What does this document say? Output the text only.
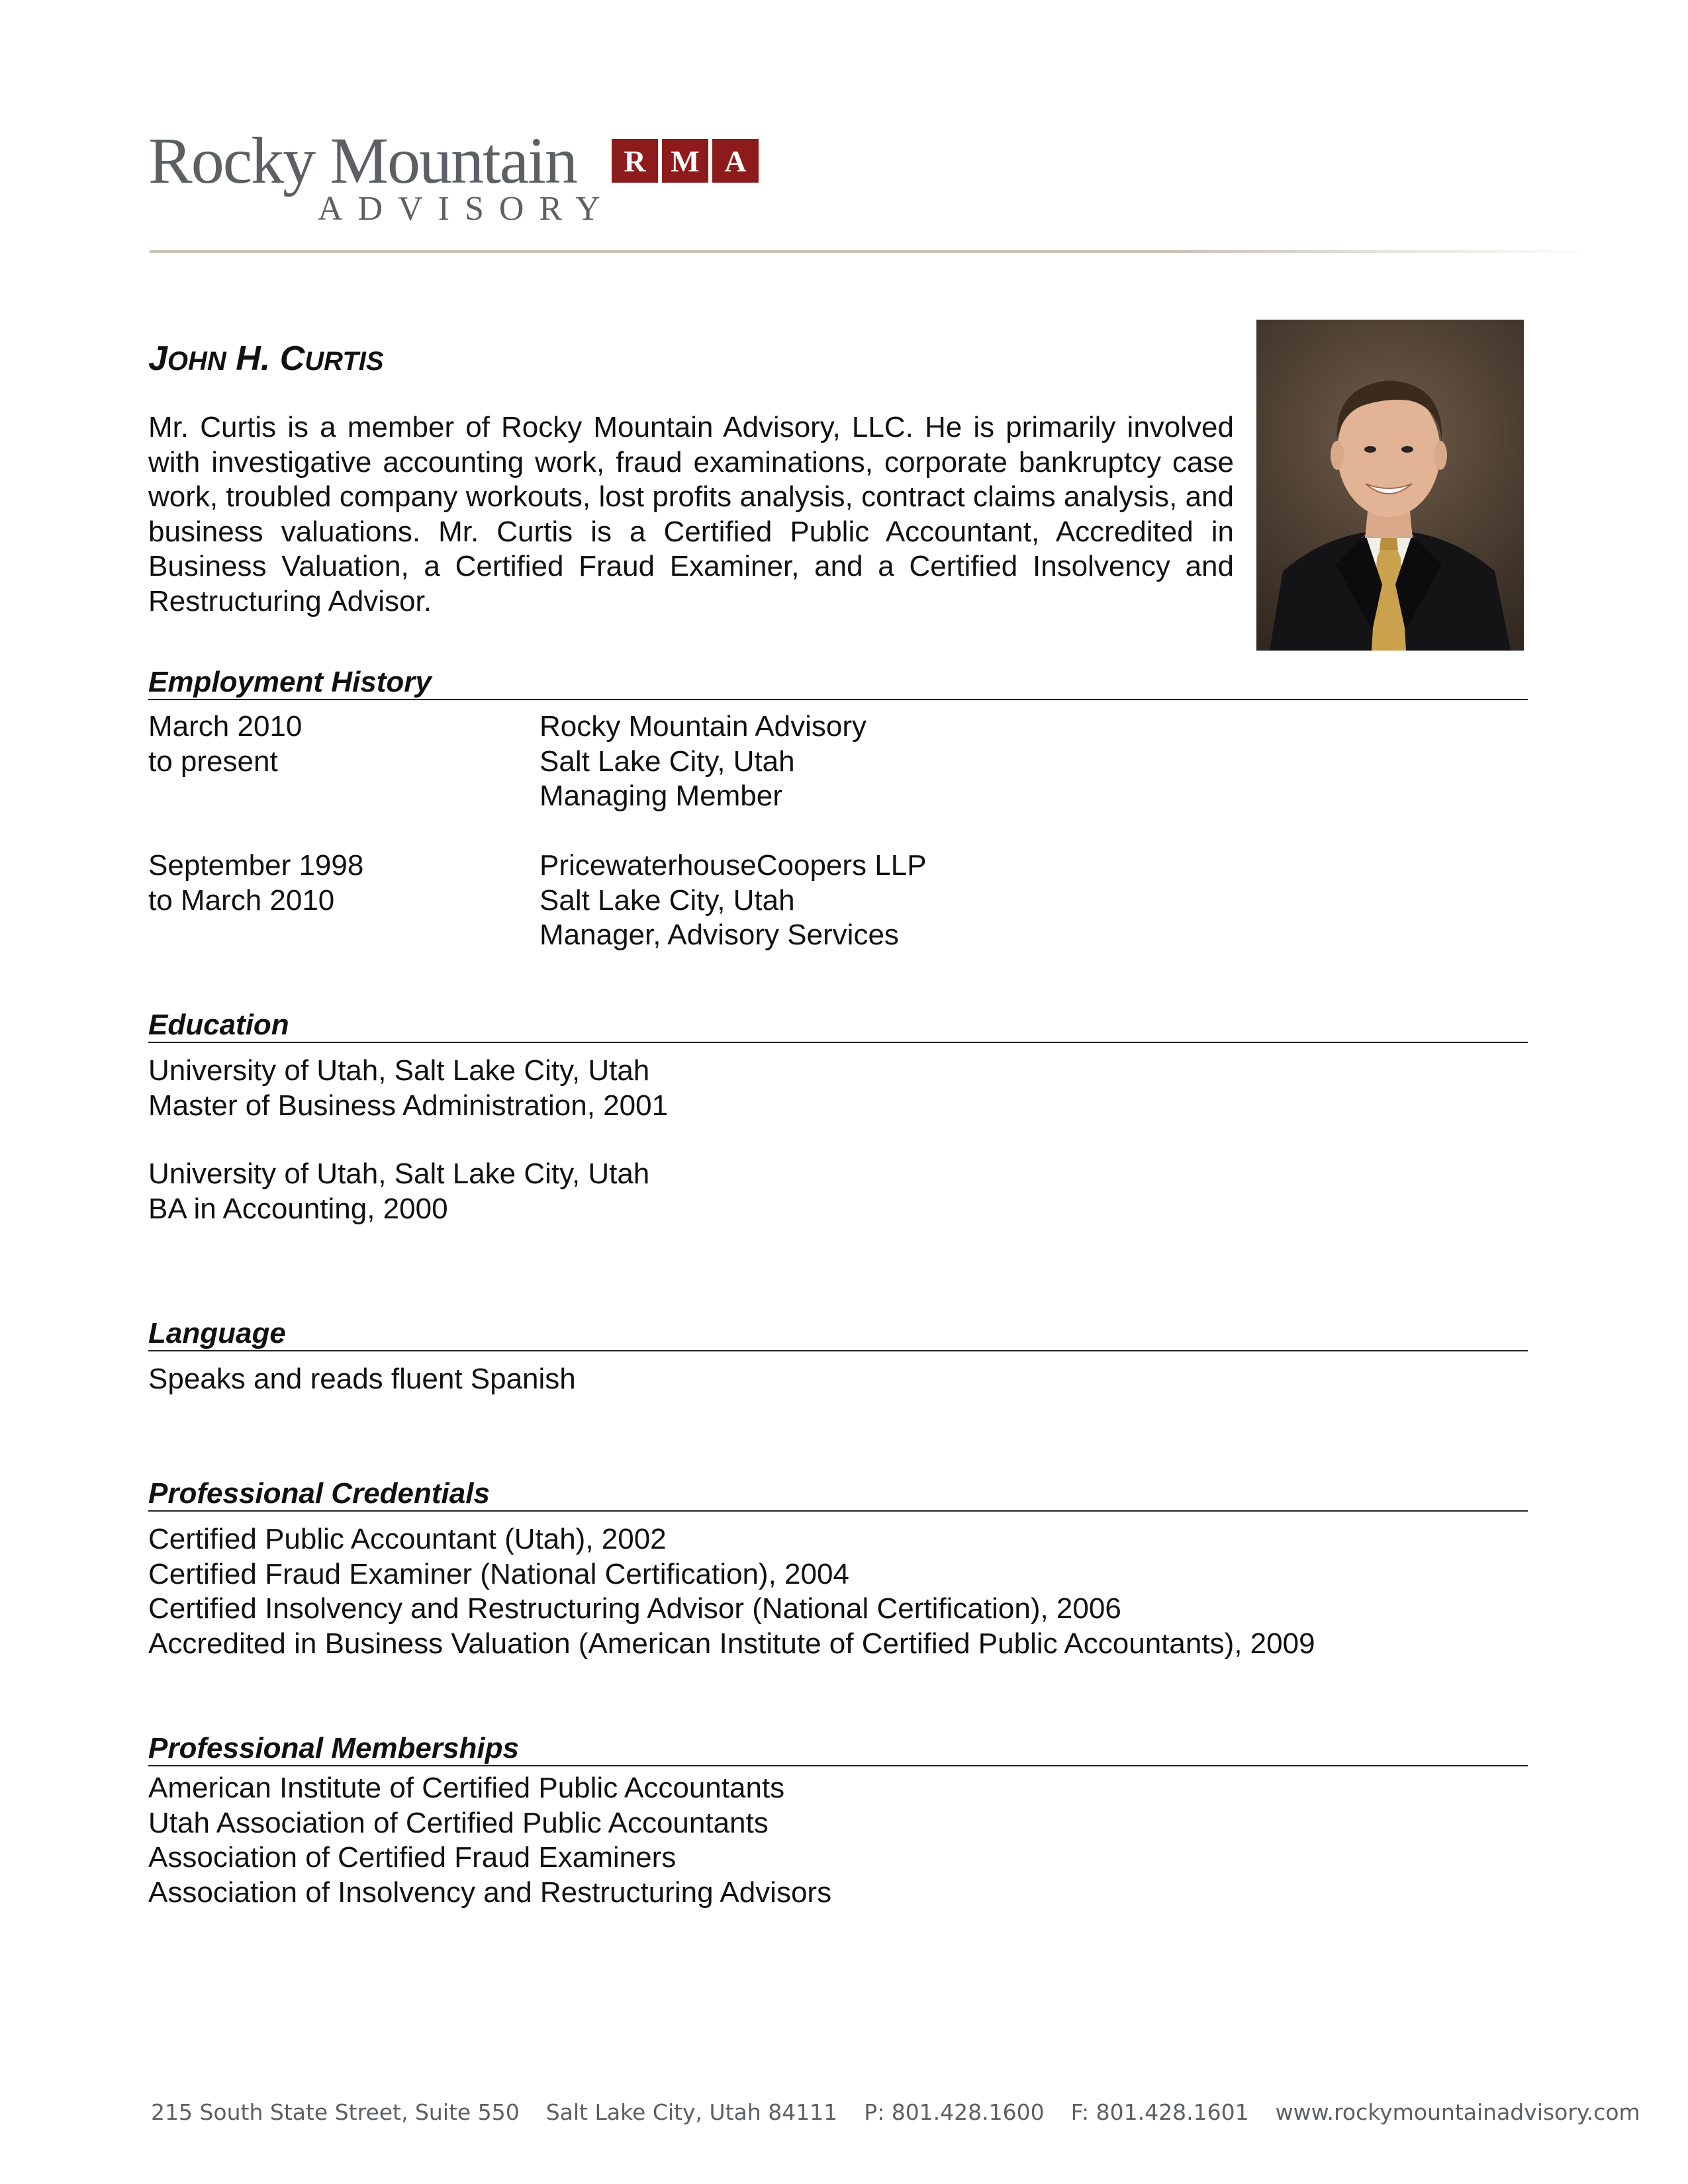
Rocky Mountain
ADVISORY
R M A
JOHN H. CURTIS
Mr. Curtis is a member of Rocky Mountain Advisory, LLC. He is primarily involved with investigative accounting work, fraud examinations, corporate bankruptcy case work, troubled company workouts, lost profits analysis, contract claims analysis, and business valuations. Mr. Curtis is a Certified Public Accountant, Accredited in Business Valuation, a Certified Fraud Examiner, and a Certified Insolvency and Restructuring Advisor.
Employment History
March 2010
to present
Rocky Mountain Advisory
Salt Lake City, Utah
Managing Member
September 1998
to March 2010
PricewaterhouseCoopers LLP
Salt Lake City, Utah
Manager, Advisory Services
Education
University of Utah, Salt Lake City, Utah
Master of Business Administration, 2001
University of Utah, Salt Lake City, Utah
BA in Accounting, 2000
Language
Speaks and reads fluent Spanish
Professional Credentials
Certified Public Accountant (Utah), 2002
Certified Fraud Examiner (National Certification), 2004
Certified Insolvency and Restructuring Advisor (National Certification), 2006
Accredited in Business Valuation (American Institute of Certified Public Accountants), 2009
Professional Memberships
American Institute of Certified Public Accountants
Utah Association of Certified Public Accountants
Association of Certified Fraud Examiners
Association of Insolvency and Restructuring Advisors
215 South State Street, Suite 550 Salt Lake City, Utah 84111 P: 801.428.1600 F: 801.428.1601 www.rockymountainadvisory.com
